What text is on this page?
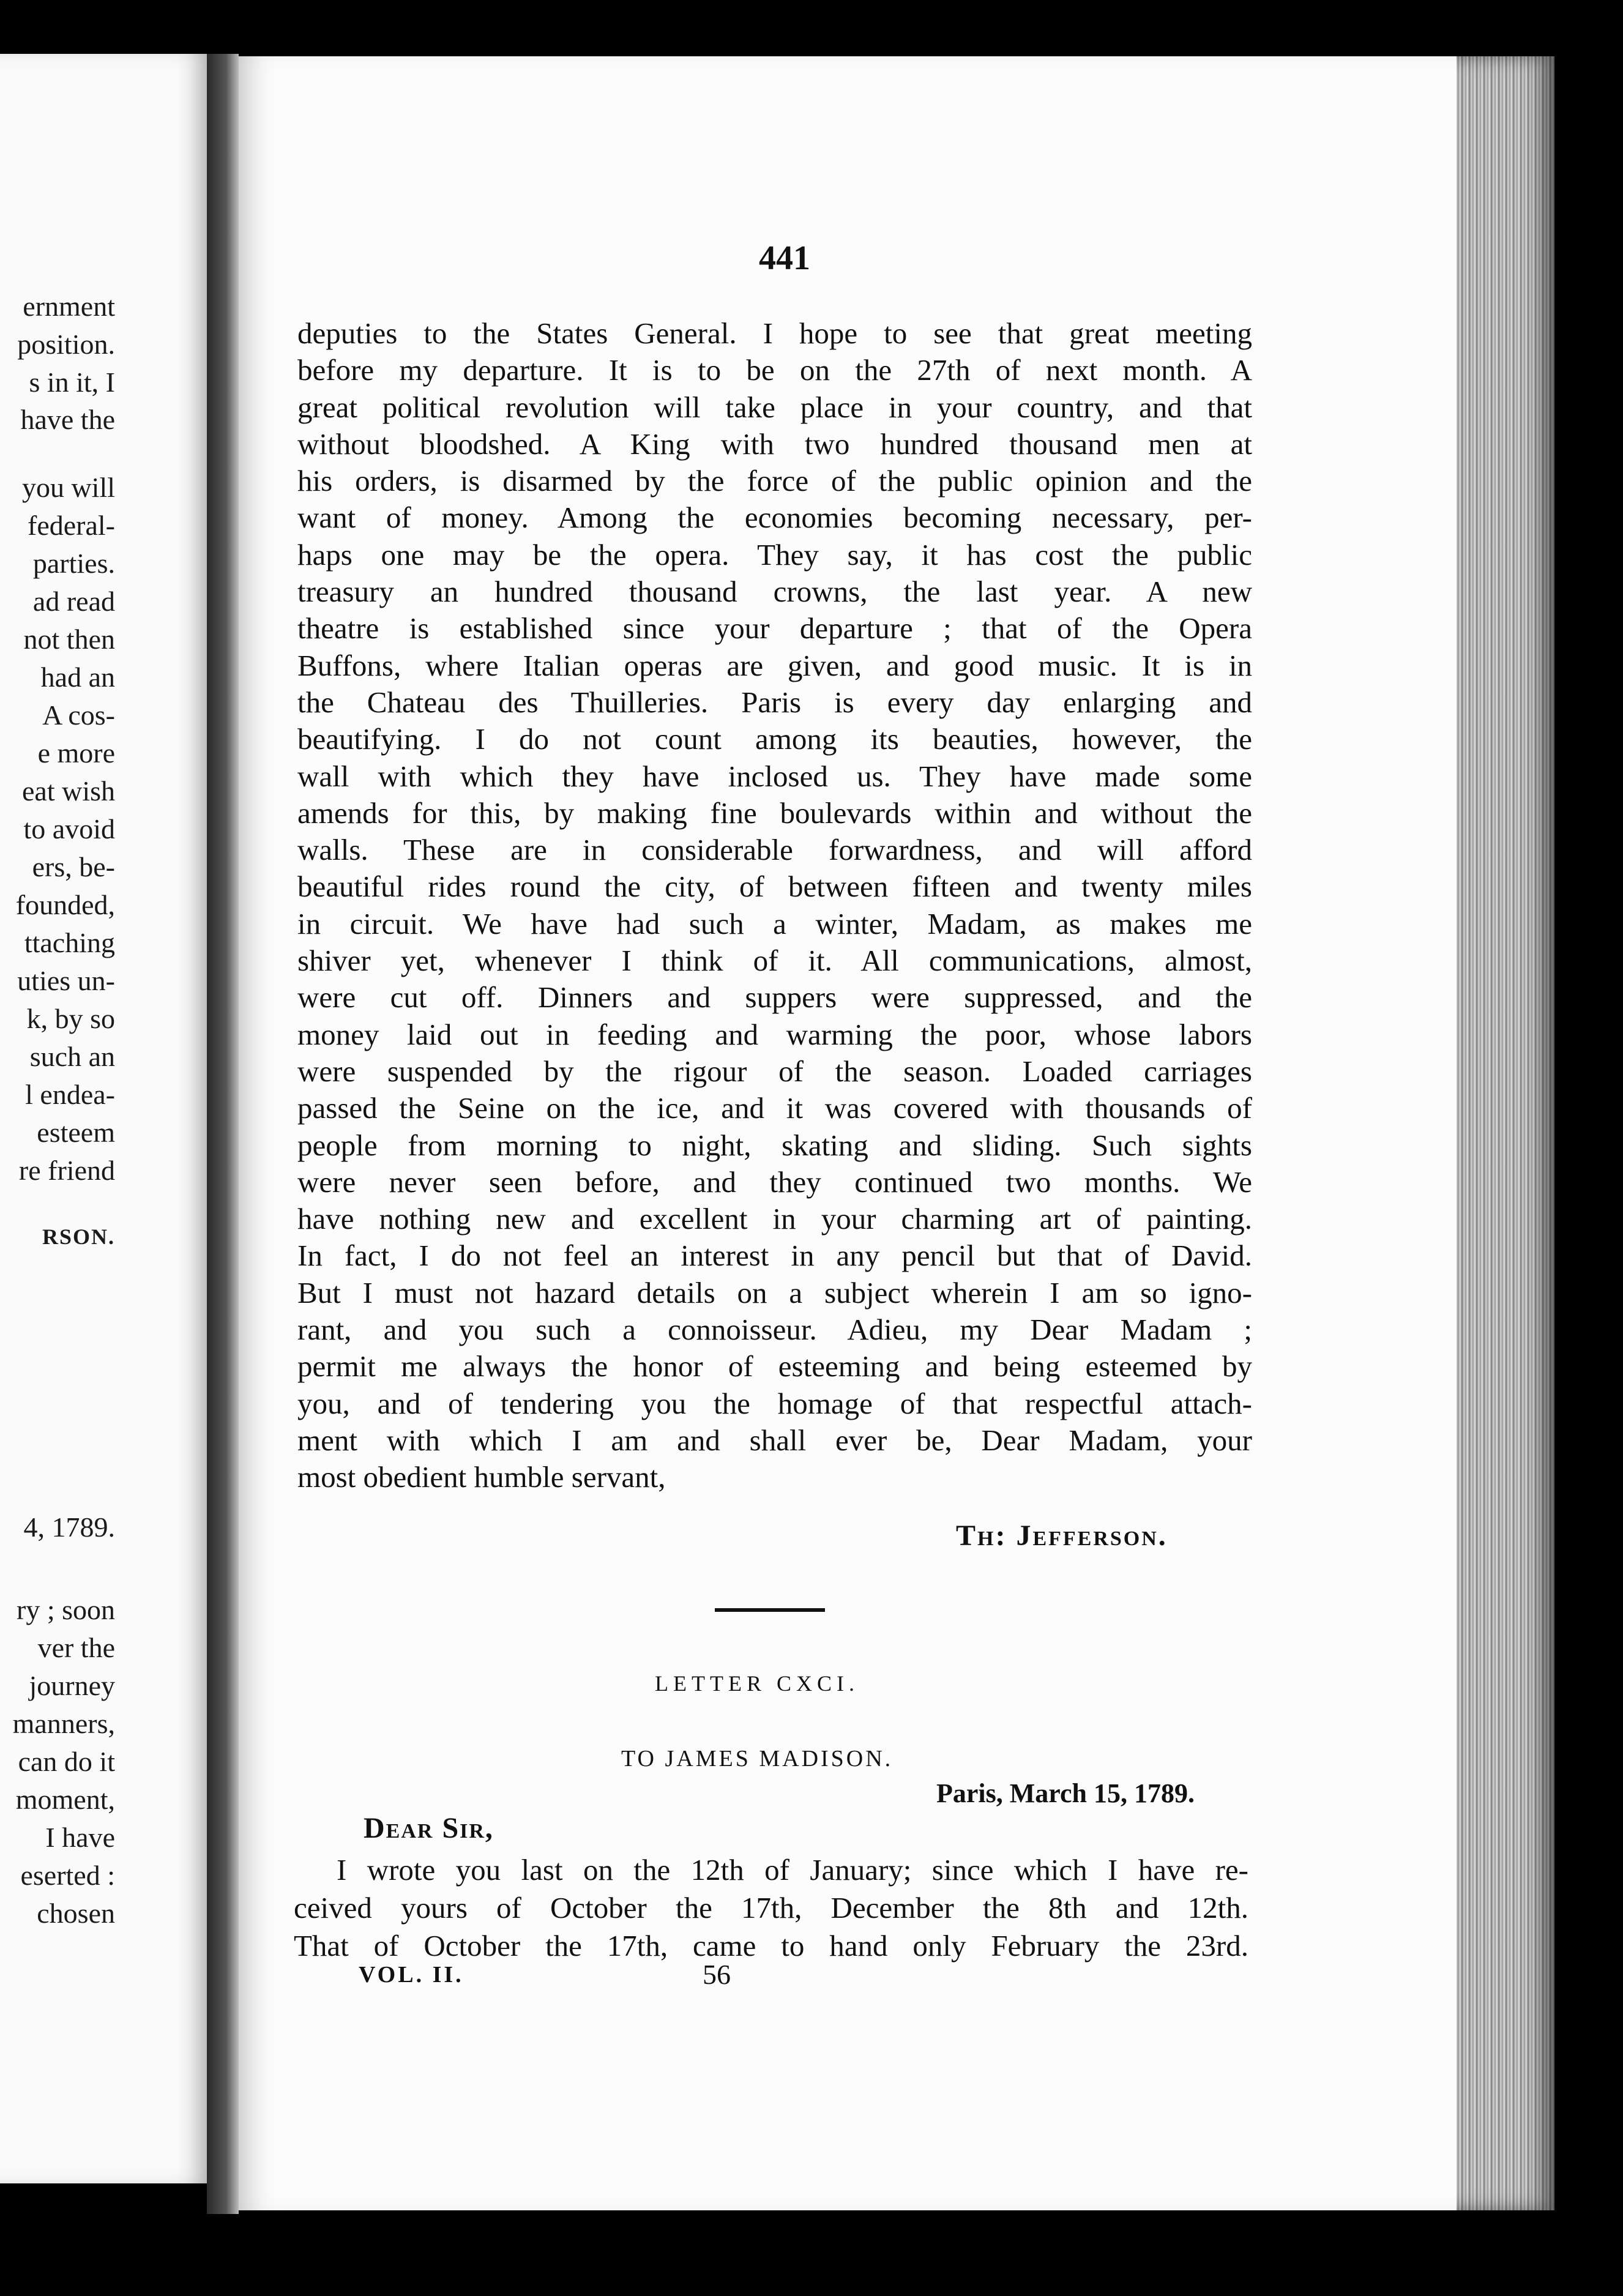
ernment
position.
s in it, I
have the
you will
federal-
parties.
ad read
not then
had an
A cos-
e more
eat wish
to avoid
ers, be-
founded,
ttaching
uties un-
k, by so
such an
l endea-
esteem
re friend
RSON.
4, 1789.
ry ; soon
ver the
journey
manners,
can do it
moment,
I have
eserted :
chosen
441
deputies to the States General. I hope to see that great meeting
before my departure. It is to be on the 27th of next month. A
great political revolution will take place in your country, and that
without bloodshed. A King with two hundred thousand men at
his orders, is disarmed by the force of the public opinion and the
want of money. Among the economies becoming necessary, per-
haps one may be the opera. They say, it has cost the public
treasury an hundred thousand crowns, the last year. A new
theatre is established since your departure ; that of the Opera
Buffons, where Italian operas are given, and good music. It is in
the Chateau des Thuilleries. Paris is every day enlarging and
beautifying. I do not count among its beauties, however, the
wall with which they have inclosed us. They have made some
amends for this, by making fine boulevards within and without the
walls. These are in considerable forwardness, and will afford
beautiful rides round the city, of between fifteen and twenty miles
in circuit. We have had such a winter, Madam, as makes me
shiver yet, whenever I think of it. All communications, almost,
were cut off. Dinners and suppers were suppressed, and the
money laid out in feeding and warming the poor, whose labors
were suspended by the rigour of the season. Loaded carriages
passed the Seine on the ice, and it was covered with thousands of
people from morning to night, skating and sliding. Such sights
were never seen before, and they continued two months. We
have nothing new and excellent in your charming art of painting.
In fact, I do not feel an interest in any pencil but that of David.
But I must not hazard details on a subject wherein I am so igno-
rant, and you such a connoisseur. Adieu, my Dear Madam ;
permit me always the honor of esteeming and being esteemed by
you, and of tendering you the homage of that respectful attach-
ment with which I am and shall ever be, Dear Madam, your
most obedient humble servant,
Th: Jefferson.
LETTER CXCI.
TO JAMES MADISON.
Paris, March 15, 1789.
Dear Sir,
I wrote you last on the 12th of January; since which I have re-
ceived yours of October the 17th, December the 8th and 12th.
That of October the 17th, came to hand only February the 23rd.
VOL. II.	56
